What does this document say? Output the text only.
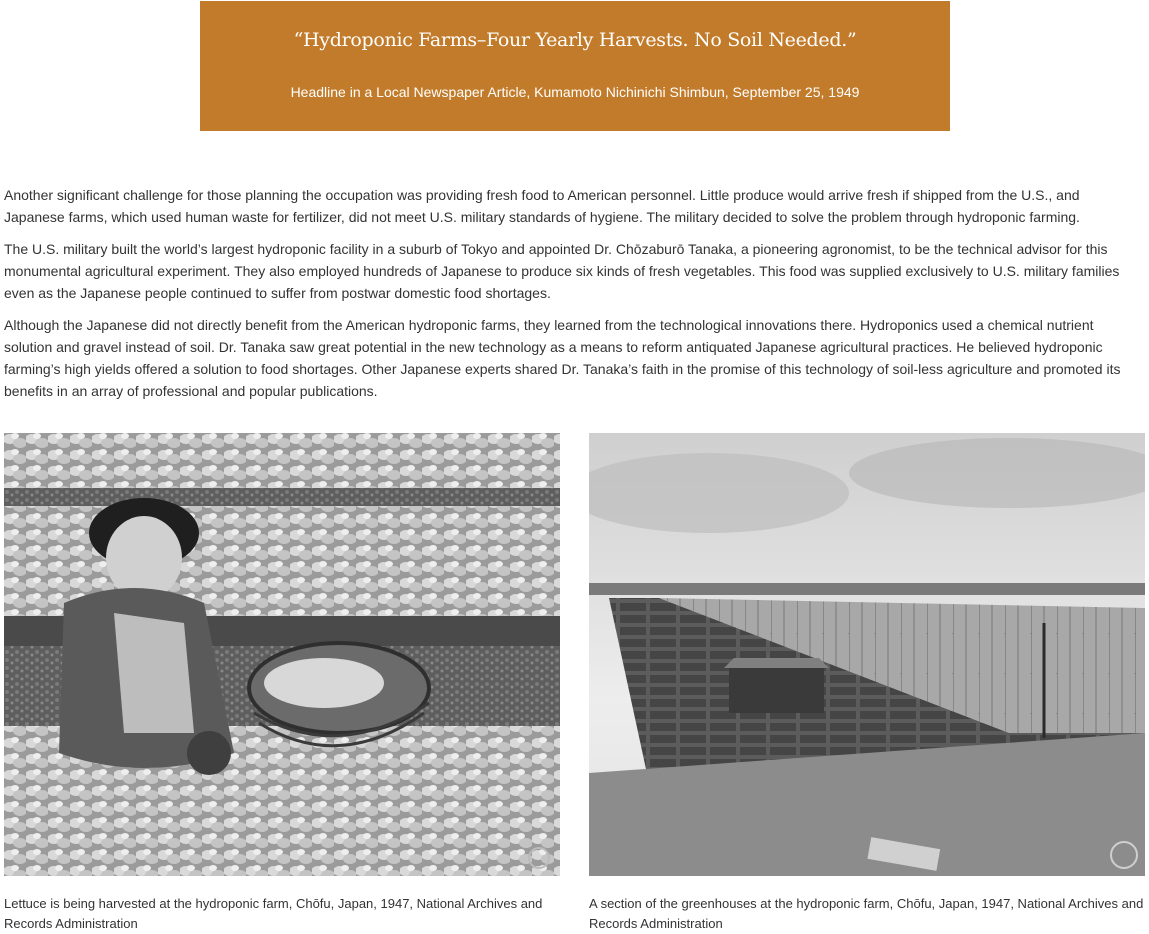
“Hydroponic Farms–Four Yearly Harvests. No Soil Needed.”
Headline in a Local Newspaper Article, Kumamoto Nichinichi Shimbun, September 25, 1949

Another significant challenge for those planning the occupation was providing fresh food to American personnel. Little produce would arrive fresh if shipped from the U.S., and Japanese farms, which used human waste for fertilizer, did not meet U.S. military standards of hygiene. The military decided to solve the problem through hydroponic farming.

The U.S. military built the world’s largest hydroponic facility in a suburb of Tokyo and appointed Dr. Chōzaburō Tanaka, a pioneering agronomist, to be the technical advisor for this monumental agricultural experiment. They also employed hundreds of Japanese to produce six kinds of fresh vegetables. This food was supplied exclusively to U.S. military families even as the Japanese people continued to suffer from postwar domestic food shortages.

Although the Japanese did not directly benefit from the American hydroponic farms, they learned from the technological innovations there. Hydroponics used a chemical nutrient solution and gravel instead of soil. Dr. Tanaka saw great potential in the new technology as a means to reform antiquated Japanese agricultural practices. He believed hydroponic farming’s high yields offered a solution to food shortages. Other Japanese experts shared Dr. Tanaka’s faith in the promise of this technology of soil-less agriculture and promoted its benefits in an array of professional and popular publications.

Lettuce is being harvested at the hydroponic farm, Chōfu, Japan, 1947, National Archives and Records Administration
A section of the greenhouses at the hydroponic farm, Chōfu, Japan, 1947, National Archives and Records Administration
